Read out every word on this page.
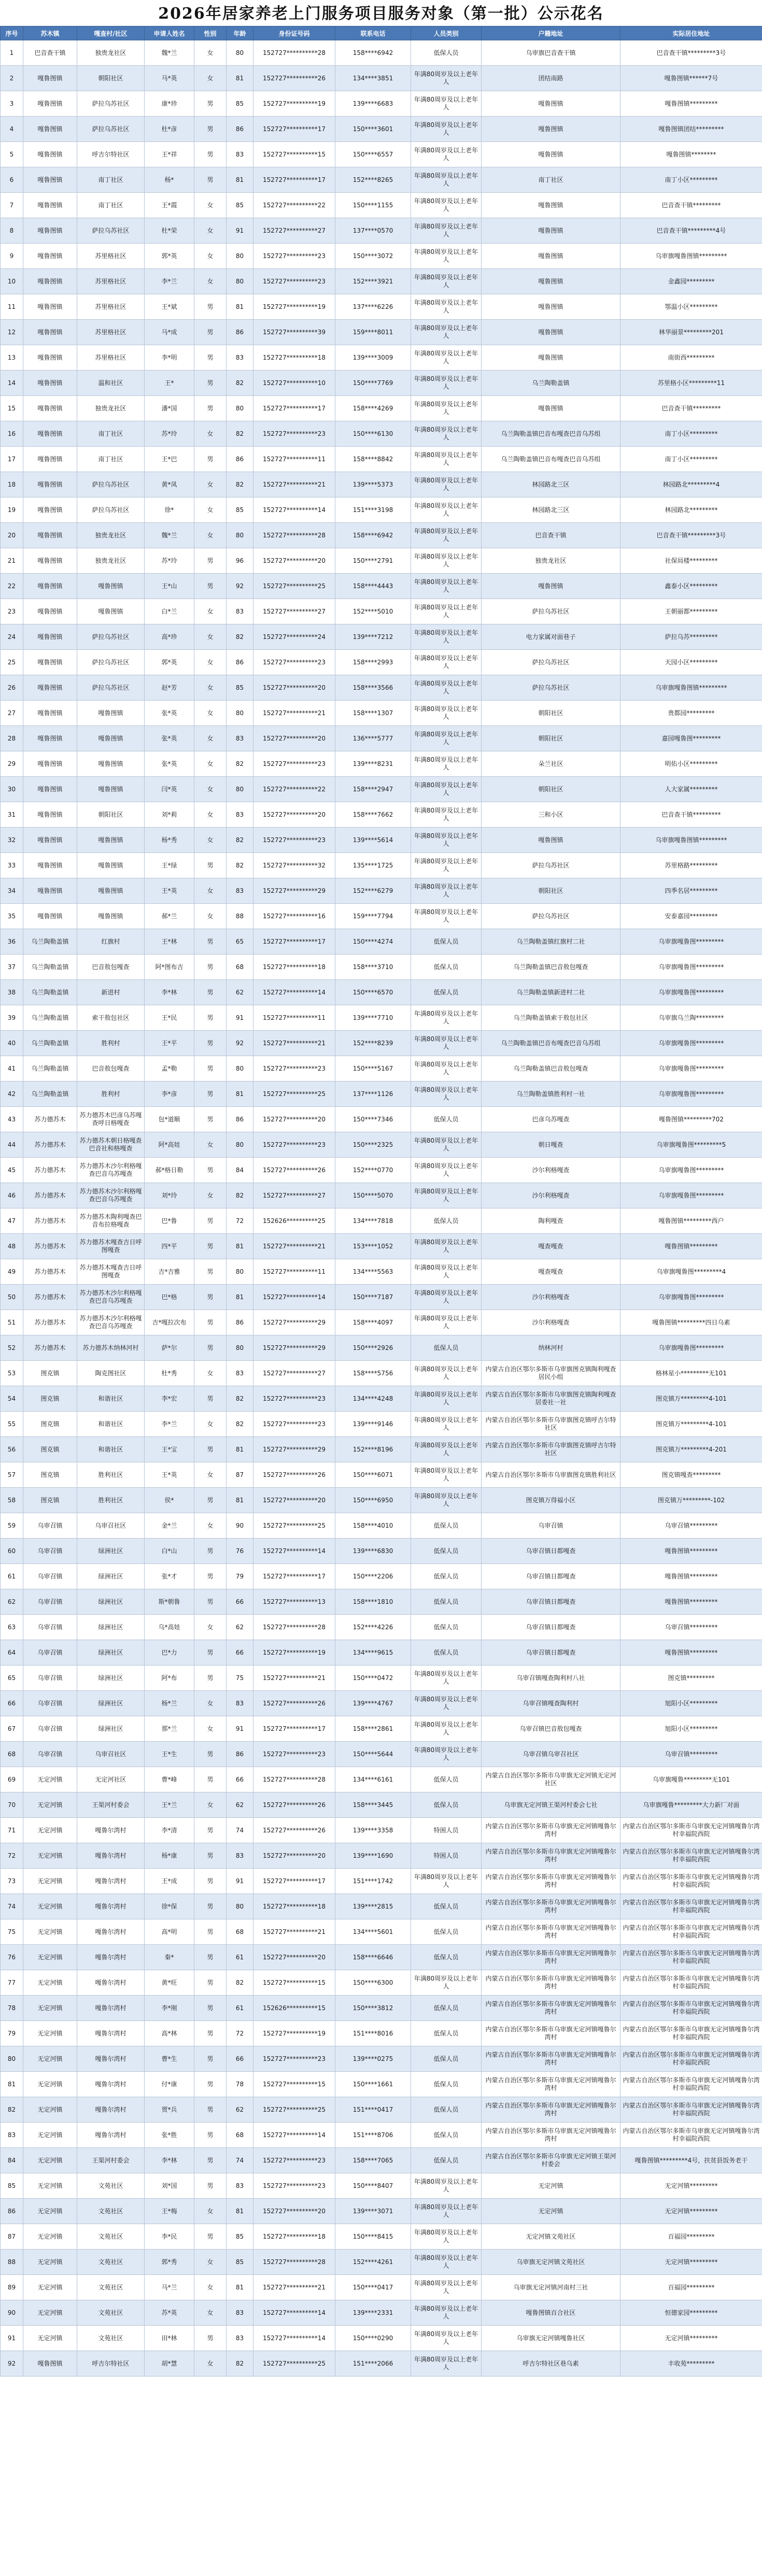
2026年居家养老上门服务项目服务对象（第一批）公示花名
序号	苏木镇	嘎查村/社区	申请人姓名	性别	年龄	身份证号码	联系电话	人员类别	户籍地址	实际居住地址
1	巴音查干镇	独贵龙社区	魏*兰	女	80	152727**********28	158****6942	低保人员	乌审旗巴音查干镇	巴音查干镇*********3号
2	嘎鲁图镇	朝阳社区	马*英	女	81	152727**********26	134****3851	年满80周岁及以上老年人	团结南路	嘎鲁图镇******7号
3	嘎鲁图镇	萨拉乌苏社区	康*珍	男	85	152727**********19	139****6683	年满80周岁及以上老年人	嘎鲁图镇	嘎鲁图镇*********
4	嘎鲁图镇	萨拉乌苏社区	杜*彦	男	86	152727**********17	150****3601	年满80周岁及以上老年人	嘎鲁图镇	嘎鲁图镇团结*********
5	嘎鲁图镇	呼吉尔特社区	王*祥	男	83	152727**********15	150****6557	年满80周岁及以上老年人	嘎鲁图镇	嘎鲁图镇********
6	嘎鲁图镇	南丁社区	杨*	男	81	152727**********17	152****8265	年满80周岁及以上老年人	南丁社区	南丁小区*********
7	嘎鲁图镇	南丁社区	王*霞	女	85	152727**********22	150****1155	年满80周岁及以上老年人	嘎鲁图镇	巴音查干镇*********
8	嘎鲁图镇	萨拉乌苏社区	杜*荣	女	91	152727**********27	137****0570	年满80周岁及以上老年人	嘎鲁图镇	巴音查干镇*********4号
9	嘎鲁图镇	苏里格社区	郭*英	女	80	152727**********23	150****3072	年满80周岁及以上老年人	嘎鲁图镇	乌审旗嘎鲁图镇*********
10	嘎鲁图镇	苏里格社区	李*兰	女	80	152727**********23	152****3921	年满80周岁及以上老年人	嘎鲁图镇	金鑫园*********
11	嘎鲁图镇	苏里格社区	王*斌	男	81	152727**********19	137****6226	年满80周岁及以上老年人	嘎鲁图镇	鄂温小区*********
12	嘎鲁图镇	苏里格社区	马*成	男	86	152727**********39	159****8011	年满80周岁及以上老年人	嘎鲁图镇	林华丽景*********201
13	嘎鲁图镇	苏里格社区	李*明	男	83	152727**********18	139****3009	年满80周岁及以上老年人	嘎鲁图镇	南街西*********
14	嘎鲁图镇	温和社区	王*	男	82	152727**********10	150****7769	年满80周岁及以上老年人	乌兰陶勒盖镇	苏里格小区*********11
15	嘎鲁图镇	独贵龙社区	潘*国	男	80	152727**********17	158****4269	年满80周岁及以上老年人	嘎鲁图镇	巴音查干镇*********
16	嘎鲁图镇	南丁社区	苏*玲	女	82	152727**********23	150****6130	年满80周岁及以上老年人	乌兰陶勒盖镇巴音布嘎查巴音乌苏组	南丁小区*********
17	嘎鲁图镇	南丁社区	王*巴	男	86	152727**********11	158****8842	年满80周岁及以上老年人	乌兰陶勒盖镇巴音布嘎查巴音乌苏组	南丁小区*********
18	嘎鲁图镇	萨拉乌苏社区	黄*凤	女	82	152727**********21	139****5373	年满80周岁及以上老年人	林园路北三区	林园路北*********4
19	嘎鲁图镇	萨拉乌苏社区	徐*	女	85	152727**********14	151****3198	年满80周岁及以上老年人	林园路北三区	林园路北*********
20	嘎鲁图镇	独贵龙社区	魏*兰	女	80	152727**********28	158****6942	年满80周岁及以上老年人	巴音查干镇	巴音查干镇*********3号
21	嘎鲁图镇	独贵龙社区	苏*玲	男	96	152727**********20	150****2791	年满80周岁及以上老年人	独贵龙社区	社保局楼*********
22	嘎鲁图镇	嘎鲁图镇	王*山	男	92	152727**********25	158****4443	年满80周岁及以上老年人	嘎鲁图镇	鑫泰小区*********
23	嘎鲁图镇	嘎鲁图镇	白*兰	女	83	152727**********27	152****5010	年满80周岁及以上老年人	萨拉乌苏社区	王朝丽都*********
24	嘎鲁图镇	萨拉乌苏社区	高*珍	女	82	152727**********24	139****7212	年满80周岁及以上老年人	电力家属对面巷子	萨拉乌苏*********
25	嘎鲁图镇	萨拉乌苏社区	郭*英	女	86	152727**********23	158****2993	年满80周岁及以上老年人	萨拉乌苏社区	天园小区*********
26	嘎鲁图镇	萨拉乌苏社区	赵*芳	女	85	152727**********20	158****3566	年满80周岁及以上老年人	萨拉乌苏社区	乌审旗嘎鲁图镇*********
27	嘎鲁图镇	嘎鲁图镇	张*英	女	80	152727**********21	158****1307	年满80周岁及以上老年人	朝阳社区	贵都园*********
28	嘎鲁图镇	嘎鲁图镇	张*英	女	83	152727**********20	136****5777	年满80周岁及以上老年人	朝阳社区	嘉园嘎鲁图*********
29	嘎鲁图镇	嘎鲁图镇	张*英	女	82	152727**********23	139****8231	年满80周岁及以上老年人	朵兰社区	明佑小区*********
30	嘎鲁图镇	嘎鲁图镇	闫*英	女	80	152727**********22	158****2947	年满80周岁及以上老年人	朝阳社区	人大家属*********
31	嘎鲁图镇	朝阳社区	刘*莉	女	83	152727**********20	158****7662	年满80周岁及以上老年人	三和小区	巴音查干镇*********
32	嘎鲁图镇	嘎鲁图镇	杨*秀	女	82	152727**********23	139****5614	年满80周岁及以上老年人	嘎鲁图镇	乌审旗嘎鲁图镇*********
33	嘎鲁图镇	嘎鲁图镇	王*绿	男	82	152727**********32	135****1725	年满80周岁及以上老年人	萨拉乌苏社区	苏里格路*********
34	嘎鲁图镇	嘎鲁图镇	王*英	女	83	152727**********29	152****6279	年满80周岁及以上老年人	朝阳社区	四季名居*********
35	嘎鲁图镇	嘎鲁图镇	郝*兰	女	88	152727**********16	159****7794	年满80周岁及以上老年人	萨拉乌苏社区	安泰嘉园*********
36	乌兰陶勒盖镇	红旗村	王*林	男	65	152727**********17	150****4274	低保人员	乌兰陶勒盖镇红旗村二社	乌审旗嘎鲁图*********
37	乌兰陶勒盖镇	巴音敖包嘎查	阿*图布吉	男	68	152727**********18	158****3710	低保人员	乌兰陶勒盖镇巴音敖包嘎查	乌审旗嘎鲁图*********
38	乌兰陶勒盖镇	新进村	李*林	男	62	152727**********14	150****6570	低保人员	乌兰陶勒盖镇新进村二社	乌审旗嘎鲁图*********
39	乌兰陶勒盖镇	索干敖包社区	王*民	男	91	152727**********11	139****7710	年满80周岁及以上老年人	乌兰陶勒盖镇索干敖包社区	乌审旗乌兰陶*********
40	乌兰陶勒盖镇	胜利村	王*平	男	92	152727**********21	152****8239	年满80周岁及以上老年人	乌兰陶勒盖镇巴音布嘎查巴音乌苏组	乌审旗嘎鲁图*********
41	乌兰陶勒盖镇	巴音敖包嘎查	孟*勒	男	80	152727**********23	150****5167	年满80周岁及以上老年人	乌兰陶勒盖镇巴音敖包嘎查	乌审旗嘎鲁图*********
42	乌兰陶勒盖镇	胜利村	李*彦	男	81	152727**********25	137****1126	年满80周岁及以上老年人	乌兰陶勒盖镇胜利村一社	乌审旗嘎鲁图*********
43	苏力德苏木	苏力德苏木巴彦乌苏嘎查呼日格嘎查	包*道顺	男	86	152727**********20	150****7346	低保人员	巴彦乌苏嘎查	嘎鲁图镇*********702
44	苏力德苏木	苏力德苏木朝日格嘎查巴音社和格嘎查	阿*高娃	女	80	152727**********23	150****2325	年满80周岁及以上老年人	朝日嘎查	乌审旗嘎鲁图*********5
45	苏力德苏木	苏力德苏木沙尔利格嘎查巴音乌苏嘎查	郝*格日勒	男	84	152727**********26	152****0770	年满80周岁及以上老年人	沙尔利格嘎查	乌审旗嘎鲁图*********
46	苏力德苏木	苏力德苏木沙尔利格嘎查巴音乌苏嘎查	刘*玲	女	82	152727**********27	150****5070	年满80周岁及以上老年人	沙尔利格嘎查	乌审旗嘎鲁图*********
47	苏力德苏木	苏力德苏木陶利嘎查巴音布拉格嘎查	巴*鲁	男	72	152626**********25	134****7818	低保人员	陶利嘎查	嘎鲁图镇*********西户
48	苏力德苏木	苏力德苏木嘎查吉日呼图嘎查	四*平	男	81	152727**********21	153****1052	年满80周岁及以上老年人	嘎查嘎查	嘎鲁图镇*********
49	苏力德苏木	苏力德苏木嘎查吉日呼图嘎查	吉*吉雅	男	80	152727**********11	134****5563	年满80周岁及以上老年人	嘎查嘎查	乌审旗嘎鲁图*********4
50	苏力德苏木	苏力德苏木沙尔利格嘎查巴音乌苏嘎查	巴*格	男	81	152727**********14	150****7187	年满80周岁及以上老年人	沙尔利格嘎查	乌审旗嘎鲁图*********
51	苏力德苏木	苏力德苏木沙尔利格嘎查巴音乌苏嘎查	吉*嘎拉次布	男	86	152727**********29	158****4097	年满80周岁及以上老年人	沙尔利格嘎查	嘎鲁图镇*********四日乌素
52	苏力德苏木	苏力德苏木纳林河村	萨*尔	男	80	152727**********29	150****2926	低保人员	纳林河村	乌审旗嘎鲁图*********
53	图克镇	陶克图社区	杜*秀	女	83	152727**********27	158****5756	年满80周岁及以上老年人	内蒙古自治区鄂尔多斯市乌审旗图克镇陶利嘎查居民小组	格林星小*********无101
54	图克镇	和谐社区	李*宏	男	82	152727**********23	134****4248	年满80周岁及以上老年人	内蒙古自治区鄂尔多斯市乌审旗图克镇陶利嘎查居委社一社	图克镇万*********4-101
55	图克镇	和谐社区	李*兰	女	82	152727**********23	139****9146	年满80周岁及以上老年人	内蒙古自治区鄂尔多斯市乌审旗图克镇呼吉尔特社区	图克镇万*********4-101
56	图克镇	和谐社区	王*宝	男	81	152727**********29	152****8196	年满80周岁及以上老年人	内蒙古自治区鄂尔多斯市乌审旗图克镇呼吉尔特社区	图克镇万*********4-201
57	图克镇	胜利社区	王*英	女	87	152727**********26	150****6071	年满80周岁及以上老年人	内蒙古自治区鄂尔多斯市乌审旗图克镇胜利社区	图克镇嘎查*********
58	图克镇	胜利社区	侯*	男	81	152727**********20	150****6950	年满80周岁及以上老年人	图克镇万得福小区	图克镇万*********-102
59	乌审召镇	乌审召社区	金*兰	女	90	152727**********25	158****4010	低保人员	乌审召镇	乌审召镇*********
60	乌审召镇	绿洲社区	白*山	男	76	152727**********14	139****6830	低保人员	乌审召镇日都嘎查	嘎鲁图镇*********
61	乌审召镇	绿洲社区	张*才	男	79	152727**********17	150****2206	低保人员	乌审召镇日都嘎查	嘎鲁图镇*********
62	乌审召镇	绿洲社区	斯*朝鲁	男	66	152727**********13	158****1810	低保人员	乌审召镇日都嘎查	嘎鲁图镇*********
63	乌审召镇	绿洲社区	乌*高娃	女	62	152727**********28	152****4226	低保人员	乌审召镇日都嘎查	乌审召镇*********
64	乌审召镇	绿洲社区	巴*力	男	66	152727**********19	134****9615	低保人员	乌审召镇日都嘎查	嘎鲁图镇*********
65	乌审召镇	绿洲社区	阿*布	男	75	152727**********21	150****0472	年满80周岁及以上老年人	乌审召镇嘎查陶利村八社	图克镇*********
66	乌审召镇	绿洲社区	杨*兰	女	83	152727**********26	139****4767	年满80周岁及以上老年人	乌审召镇嘎查陶利村	旭阳小区*********
67	乌审召镇	绿洲社区	那*兰	女	91	152727**********17	158****2861	年满80周岁及以上老年人	乌审召镇巴音敖包嘎查	旭阳小区*********
68	乌审召镇	乌审召社区	王*生	男	86	152727**********23	150****5644	年满80周岁及以上老年人	乌审召镇乌审召社区	乌审召镇*********
69	无定河镇	无定河社区	曹*峰	男	66	152727**********28	134****6161	低保人员	内蒙古自治区鄂尔多斯市乌审旗无定河镇无定河社区	乌审旗嘎鲁*********无101
70	无定河镇	王渠河村委会	王*兰	女	62	152727**********26	158****3445	低保人员	乌审旗无定河镇王渠河村委会七社	乌审旗嘎鲁*********大力新厂对面
71	无定河镇	嘎鲁尔湾村	李*清	男	74	152727**********26	139****3358	特困人员	内蒙古自治区鄂尔多斯市乌审旗无定河镇嘎鲁尔湾村	内蒙古自治区鄂尔多斯市乌审旗无定河镇嘎鲁尔湾村幸福院西院
72	无定河镇	嘎鲁尔湾村	杨*康	男	83	152727**********20	139****1690	特困人员	内蒙古自治区鄂尔多斯市乌审旗无定河镇嘎鲁尔湾村	内蒙古自治区鄂尔多斯市乌审旗无定河镇嘎鲁尔湾村幸福院西院
73	无定河镇	嘎鲁尔湾村	王*成	男	91	152727**********17	151****1742	年满80周岁及以上老年人	内蒙古自治区鄂尔多斯市乌审旗无定河镇嘎鲁尔湾村	内蒙古自治区鄂尔多斯市乌审旗无定河镇嘎鲁尔湾村幸福院西院
74	无定河镇	嘎鲁尔湾村	徐*保	男	80	152727**********18	139****2815	低保人员	内蒙古自治区鄂尔多斯市乌审旗无定河镇嘎鲁尔湾村	内蒙古自治区鄂尔多斯市乌审旗无定河镇嘎鲁尔湾村幸福院西院
75	无定河镇	嘎鲁尔湾村	高*明	男	68	152727**********21	134****5601	低保人员	内蒙古自治区鄂尔多斯市乌审旗无定河镇嘎鲁尔湾村	内蒙古自治区鄂尔多斯市乌审旗无定河镇嘎鲁尔湾村幸福院西院
76	无定河镇	嘎鲁尔湾村	秦*	男	61	152727**********20	158****6646	低保人员	内蒙古自治区鄂尔多斯市乌审旗无定河镇嘎鲁尔湾村	内蒙古自治区鄂尔多斯市乌审旗无定河镇嘎鲁尔湾村幸福院西院
77	无定河镇	嘎鲁尔湾村	黄*旺	男	82	152727**********15	150****6300	年满80周岁及以上老年人	内蒙古自治区鄂尔多斯市乌审旗无定河镇嘎鲁尔湾村	内蒙古自治区鄂尔多斯市乌审旗无定河镇嘎鲁尔湾村幸福院西院
78	无定河镇	嘎鲁尔湾村	李*刚	男	61	152626**********15	150****3812	低保人员	内蒙古自治区鄂尔多斯市乌审旗无定河镇嘎鲁尔湾村	内蒙古自治区鄂尔多斯市乌审旗无定河镇嘎鲁尔湾村幸福院西院
79	无定河镇	嘎鲁尔湾村	高*林	男	72	152727**********19	151****8016	低保人员	内蒙古自治区鄂尔多斯市乌审旗无定河镇嘎鲁尔湾村	内蒙古自治区鄂尔多斯市乌审旗无定河镇嘎鲁尔湾村幸福院西院
80	无定河镇	嘎鲁尔湾村	曹*生	男	66	152727**********23	139****0275	低保人员	内蒙古自治区鄂尔多斯市乌审旗无定河镇嘎鲁尔湾村	内蒙古自治区鄂尔多斯市乌审旗无定河镇嘎鲁尔湾村幸福院西院
81	无定河镇	嘎鲁尔湾村	付*康	男	78	152727**********15	150****1661	低保人员	内蒙古自治区鄂尔多斯市乌审旗无定河镇嘎鲁尔湾村	内蒙古自治区鄂尔多斯市乌审旗无定河镇嘎鲁尔湾村幸福院西院
82	无定河镇	嘎鲁尔湾村	贾*兵	男	62	152727**********25	151****0417	低保人员	内蒙古自治区鄂尔多斯市乌审旗无定河镇嘎鲁尔湾村	内蒙古自治区鄂尔多斯市乌审旗无定河镇嘎鲁尔湾村幸福院西院
83	无定河镇	嘎鲁尔湾村	张*胜	男	68	152727**********14	151****8706	低保人员	内蒙古自治区鄂尔多斯市乌审旗无定河镇嘎鲁尔湾村	内蒙古自治区鄂尔多斯市乌审旗无定河镇嘎鲁尔湾村幸福院西院
84	无定河镇	王渠河村委会	李*林	男	74	152727**********23	158****7065	低保人员	内蒙古自治区鄂尔多斯市乌审旗无定河镇王渠河村委会	嘎鲁图镇*********4号，扶贫县饭务老干
85	无定河镇	文苑社区	刘*国	男	83	152727**********23	150****8407	年满80周岁及以上老年人	无定河镇	无定河镇*********
86	无定河镇	文苑社区	王*梅	女	81	152727**********20	139****3071	年满80周岁及以上老年人	无定河镇	无定河镇*********
87	无定河镇	文苑社区	李*民	男	85	152727**********18	150****8415	年满80周岁及以上老年人	无定河镇文苑社区	百福园*********
88	无定河镇	文苑社区	郭*秀	女	85	152727**********28	152****4261	年满80周岁及以上老年人	乌审旗无定河镇文苑社区	无定河镇*********
89	无定河镇	文苑社区	马*兰	女	81	152727**********21	150****0417	年满80周岁及以上老年人	乌审旗无定河镇河南村三社	百福园*********
90	无定河镇	文苑社区	苏*英	女	83	152727**********14	139****2331	年满80周岁及以上老年人	嘎鲁图镇百合社区	恒德家园*********
91	无定河镇	文苑社区	田*林	男	83	152727**********14	150****0290	年满80周岁及以上老年人	乌审旗无定河镇嘎鲁社区	无定河镇*********
92	嘎鲁图镇	呼吉尔特社区	胡*慧	女	82	152727**********25	151****2066	年满80周岁及以上老年人	呼吉尔特社区巷乌素	丰收苑*********
